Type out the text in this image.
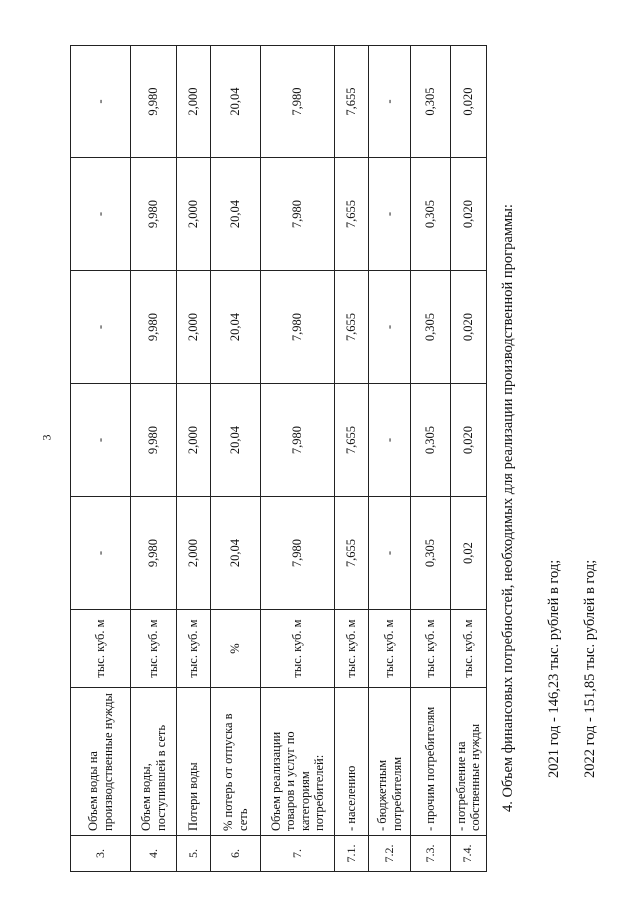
3
3.	Объем воды на производственные нужды	тыс. куб. м	-	-	-	-	-
4.	Объем воды, поступившей в сеть	тыс. куб. м	9,980	9,980	9,980	9,980	9,980
5.	Потери воды	тыс. куб. м	2,000	2,000	2,000	2,000	2,000
6.	% потерь от отпуска в сеть	%	20,04	20,04	20,04	20,04	20,04
7.	Объем реализации товаров и услуг по категориям потребителей:	тыс. куб. м	7,980	7,980	7,980	7,980	7,980
7.1.	- населению	тыс. куб. м	7,655	7,655	7,655	7,655	7,655
7.2.	- бюджетным потребителям	тыс. куб. м	-	-	-	-	-
7.3.	- прочим потребителям	тыс. куб. м	0,305	0,305	0,305	0,305	0,305
7.4.	- потребление на собственные нужды	тыс. куб. м	0,02	0,020	0,020	0,020	0,020
4. Объем финансовых потребностей, необходимых для реализации производственной программы: 2021 год - 146,23 тыс. рублей в год; 2022 год - 151,85 тыс. рублей в год;
